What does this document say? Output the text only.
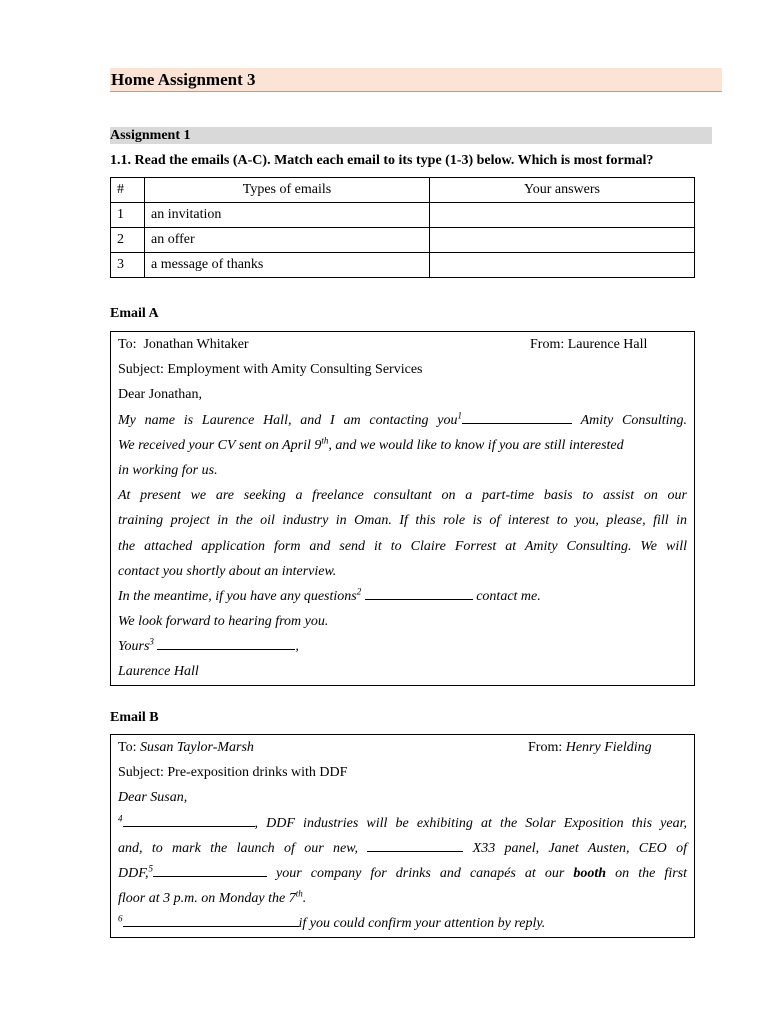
Home Assignment 3
Assignment 1
1.1. Read the emails (A-C). Match each email to its type (1-3) below. Which is most formal?
#	Types of emails	Your answers
1	an invitation	
2	an offer	
3	a message of thanks	
Email A
To: Jonathan Whitaker	From: Laurence Hall
Subject: Employment with Amity Consulting Services
Dear Jonathan,
My name is Laurence Hall, and I am contacting you$^1$	Amity Consulting.
We received your CV sent on April 9th, and we would like to know if you are still interested
in working for us.
At present we are seeking a freelance consultant on a part-time basis to assist on our
training project in the oil industry in Oman. If this role is of interest to you, please, fill in
the attached application form and send it to Claire Forrest at Amity Consulting. We will
contact you shortly about an interview.
In the meantime, if you have any questions$^2$	contact me.
We look forward to hearing from you.
Yours$^3$	,
Laurence Hall
Email B
To: Susan Taylor-Marsh	From: Henry Fielding
Subject: Pre-exposition drinks with DDF
Dear Susan,
$^4$	, DDF industries will be exhibiting at the Solar Exposition this year,
and, to mark the launch of our new,	X33 panel, Janet Austen, CEO of
DDF,$^5$	your company for drinks and canapés at our booth on the first
floor at 3 p.m. on Monday the 7th.
$^6$	if you could confirm your attention by reply.
